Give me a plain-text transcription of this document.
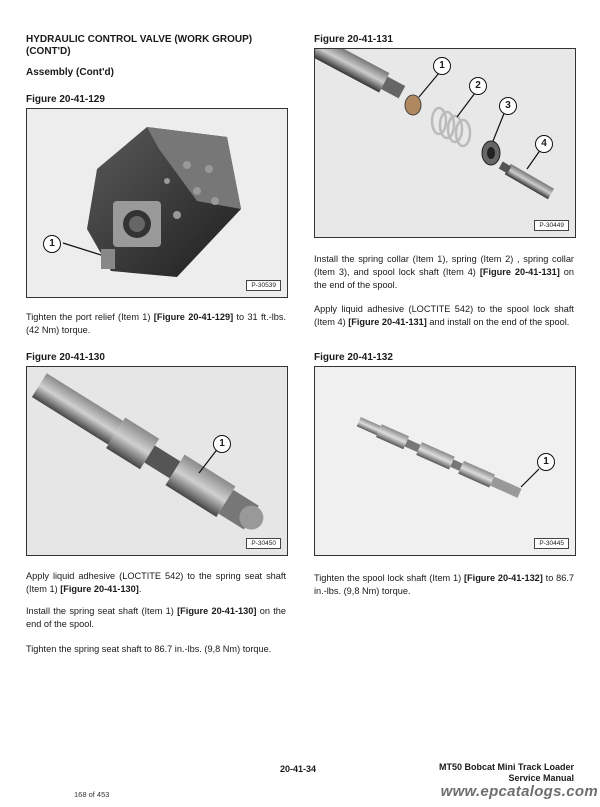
HYDRAULIC CONTROL VALVE (WORK GROUP)
(CONT'D)
Assembly (Cont'd)
Figure 20-41-129
1
P-30539

Tighten the port relief (Item 1) [Figure 20-41-129] to 31 ft.-lbs. (42 Nm) torque.

Figure 20-41-130
1
P-30450

Apply liquid adhesive (LOCTITE 542) to the spring seat shaft (Item 1) [Figure 20-41-130].

Install the spring seat shaft (Item 1) [Figure 20-41-130] on the end of the spool.

Tighten the spring seat shaft to 86.7 in.-lbs. (9,8 Nm) torque.

Figure 20-41-131
1
2
3
4
P-30449

Install the spring collar (Item 1), spring (Item 2) , spring collar (Item 3), and spool lock shaft (Item 4) [Figure 20-41-131] on the end of the spool.

Apply liquid adhesive (LOCTITE 542) to the spool lock shaft (Item 4) [Figure 20-41-131] and install on the end of the spool.

Figure 20-41-132
1
P-30445

Tighten the spool lock shaft (Item 1) [Figure 20-41-132] to 86.7 in.-lbs. (9,8 Nm) torque.

168 of 453
20-41-34	MT50 Bobcat Mini Track Loader
Service Manual
www.epcatalogs.com
